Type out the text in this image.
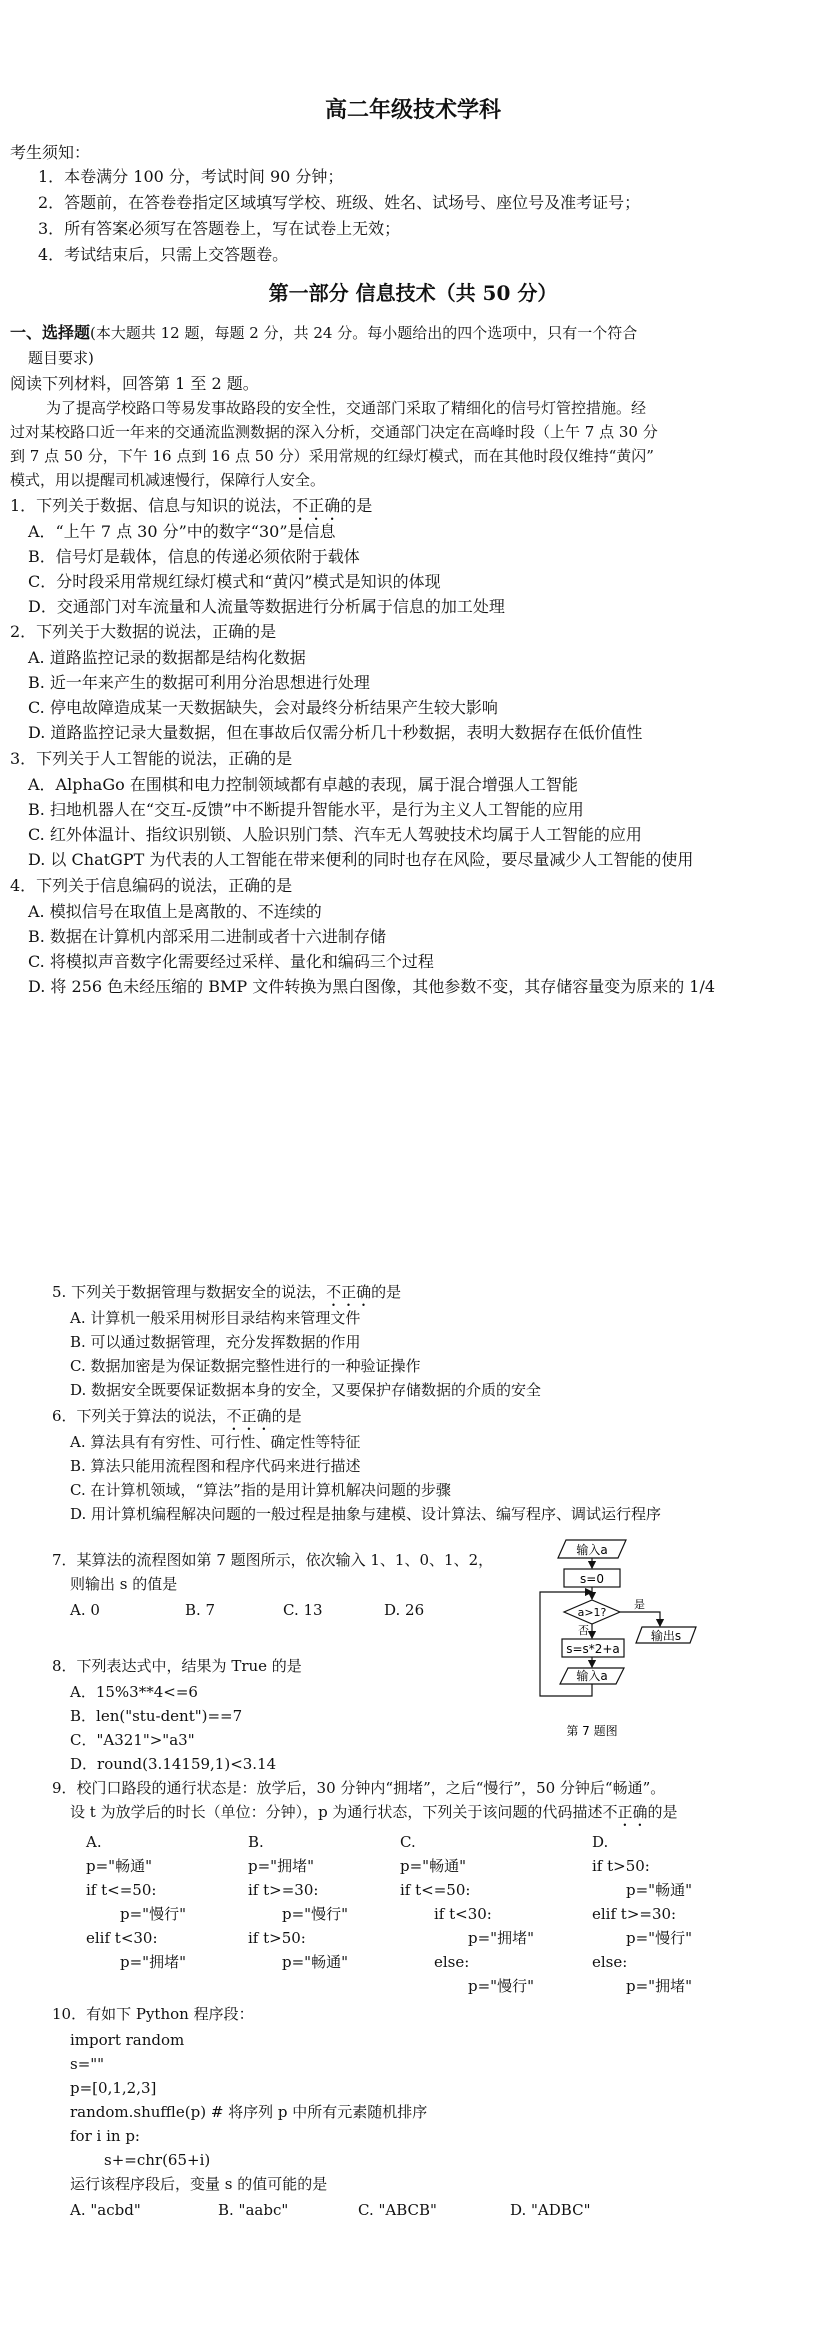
高二年级技术学科
考生须知：
1．本卷满分 100 分，考试时间 90 分钟；
2．答题前，在答卷卷指定区域填写学校、班级、姓名、试场号、座位号及准考证号；
3．所有答案必须写在答题卷上，写在试卷上无效；
4．考试结束后，只需上交答题卷。
第一部分 信息技术（共 50 分）
一、选择题(本大题共 12 题，每题 2 分，共 24 分。每小题给出的四个选项中，只有一个符合
题目要求)
阅读下列材料，回答第 1 至 2 题。
为了提高学校路口等易发事故路段的安全性，交通部门采取了精细化的信号灯管控措施。经
过对某校路口近一年来的交通流监测数据的深入分析，交通部门决定在高峰时段（上午 7 点 30 分
到 7 点 50 分，下午 16 点到 16 点 50 分）采用常规的红绿灯模式，而在其他时段仅维持“黄闪”
模式，用以提醒司机减速慢行，保障行人安全。
1．下列关于数据、信息与知识的说法，不正确的是
A．“上午 7 点 30 分”中的数字“30”是信息
B．信号灯是载体，信息的传递必须依附于载体
C．分时段采用常规红绿灯模式和“黄闪”模式是知识的体现
D．交通部门对车流量和人流量等数据进行分析属于信息的加工处理
2．下列关于大数据的说法，正确的是
A. 道路监控记录的数据都是结构化数据
B. 近一年来产生的数据可利用分治思想进行处理
C. 停电故障造成某一天数据缺失，会对最终分析结果产生较大影响
D. 道路监控记录大量数据，但在事故后仅需分析几十秒数据，表明大数据存在低价值性
3．下列关于人工智能的说法，正确的是
A．AlphaGo 在围棋和电力控制领域都有卓越的表现，属于混合增强人工智能
B. 扫地机器人在“交互-反馈”中不断提升智能水平，是行为主义人工智能的应用
C. 红外体温计、指纹识别锁、人脸识别门禁、汽车无人驾驶技术均属于人工智能的应用
D. 以 ChatGPT 为代表的人工智能在带来便利的同时也存在风险，要尽量减少人工智能的使用
4．下列关于信息编码的说法，正确的是
A. 模拟信号在取值上是离散的、不连续的
B. 数据在计算机内部采用二进制或者十六进制存储
C. 将模拟声音数字化需要经过采样、量化和编码三个过程
D. 将 256 色未经压缩的 BMP 文件转换为黑白图像，其他参数不变，其存储容量变为原来的 1/4
5. 下列关于数据管理与数据安全的说法，不正确的是
A. 计算机一般采用树形目录结构来管理文件
B. 可以通过数据管理，充分发挥数据的作用
C. 数据加密是为保证数据完整性进行的一种验证操作
D. 数据安全既要保证数据本身的安全，又要保护存储数据的介质的安全
6．下列关于算法的说法，不正确的是
A. 算法具有有穷性、可行性、确定性等特征
B. 算法只能用流程图和程序代码来进行描述
C. 在计算机领域，“算法”指的是用计算机解决问题的步骤
D. 用计算机编程解决问题的一般过程是抽象与建模、设计算法、编写程序、调试运行程序
7．某算法的流程图如第 7 题图所示，依次输入 1、1、0、1、2，
则输出 s 的值是
A. 0	B. 7	C. 13	D. 26
输入a
s=0
a>1?
是
输出s
否
s=s*2+a
输入a
第 7 题图
8．下列表达式中，结果为 True 的是
A．15%3**4<=6
B．len("stu-dent")==7
C．"A321">"a3"
D．round(3.14159,1)<3.14
9．校门口路段的通行状态是：放学后，30 分钟内“拥堵”，之后“慢行”，50 分钟后“畅通”。
设 t 为放学后的时长（单位：分钟），p 为通行状态，下列关于该问题的代码描述不正确的是
A.
p="畅通"
if t<=50:
p="慢行"
elif t<30:
p="拥堵"
B.
p="拥堵"
if t>=30:
p="慢行"
if t>50:
p="畅通"
C.
p="畅通"
if t<=50:
if t<30:
p="拥堵"
else:
p="慢行"
D.
if t>50:
p="畅通"
elif t>=30:
p="慢行"
else:
p="拥堵"
10．有如下 Python 程序段：
import random
s=""
p=[0,1,2,3]
random.shuffle(p) # 将序列 p 中所有元素随机排序
for i in p:
s+=chr(65+i)
运行该程序段后，变量 s 的值可能的是
A. "acbd"	B. "aabc"	C. "ABCB"	D. "ADBC"
